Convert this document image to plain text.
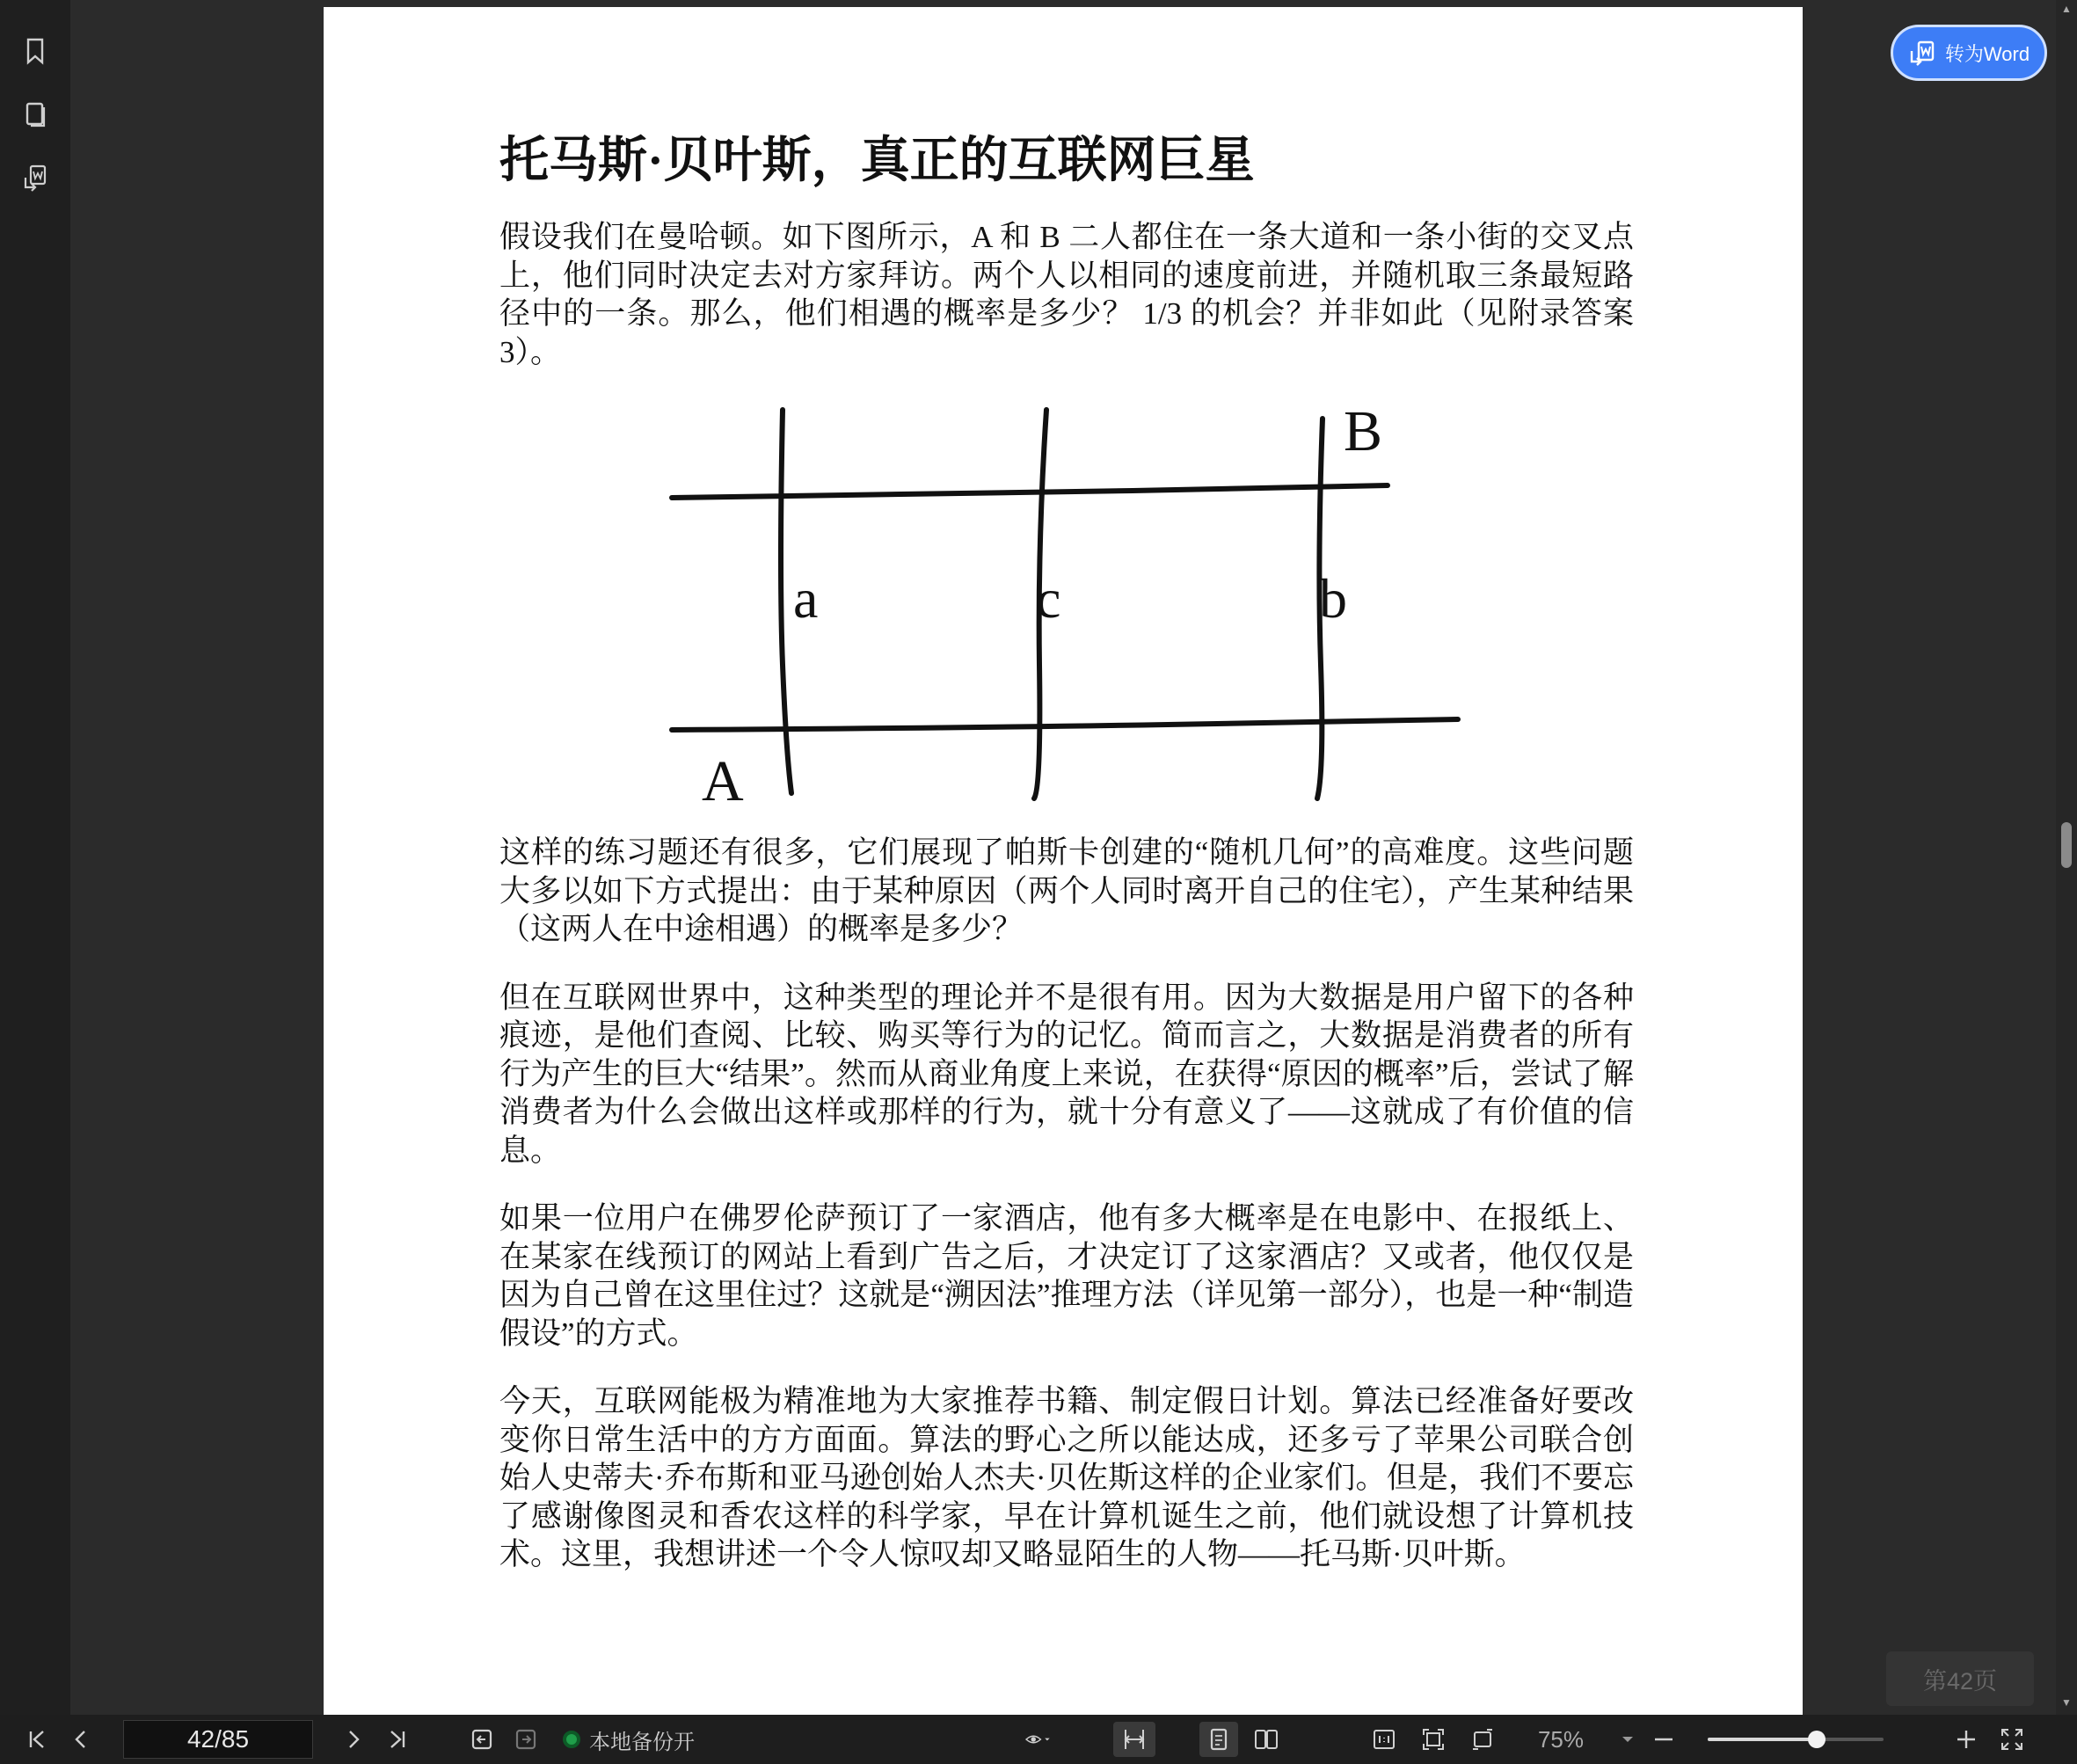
托马斯·贝叶斯，真正的互联网巨星

假设我们在曼哈顿。如下图所示，A 和 B 二人都住在一条大道和一条小街的交叉点上，他们同时决定去对方家拜访。两个人以相同的速度前进，并随机取三条最短路径中的一条。那么，他们相遇的概率是多少？ 1/3 的机会？并非如此（见附录答案 3）。

B
a	c	b
A

这样的练习题还有很多，它们展现了帕斯卡创建的“随机几何”的高难度。这些问题大多以如下方式提出：由于某种原因（两个人同时离开自己的住宅），产生某种结果（这两人在中途相遇）的概率是多少？

但在互联网世界中，这种类型的理论并不是很有用。因为大数据是用户留下的各种痕迹，是他们查阅、比较、购买等行为的记忆。简而言之，大数据是消费者的所有行为产生的巨大“结果”。然而从商业角度上来说，在获得“原因的概率”后，尝试了解消费者为什么会做出这样或那样的行为，就十分有意义了——这就成了有价值的信息。

如果一位用户在佛罗伦萨预订了一家酒店，他有多大概率是在电影中、在报纸上、在某家在线预订的网站上看到广告之后，才决定订了这家酒店？又或者，他仅仅是因为自己曾在这里住过？这就是“溯因法”推理方法（详见第一部分），也是一种“制造假设”的方式。

今天，互联网能极为精准地为大家推荐书籍、制定假日计划。算法已经准备好要改变你日常生活中的方方面面。算法的野心之所以能达成，还多亏了苹果公司联合创始人史蒂夫·乔布斯和亚马逊创始人杰夫·贝佐斯这样的企业家们。但是，我们不要忘了感谢像图灵和香农这样的科学家，早在计算机诞生之前，他们就设想了计算机技术。这里，我想讲述一个令人惊叹却又略显陌生的人物——托马斯·贝叶斯。

转为Word
第42页
▲
▼
42/85	本地备份开	75%
